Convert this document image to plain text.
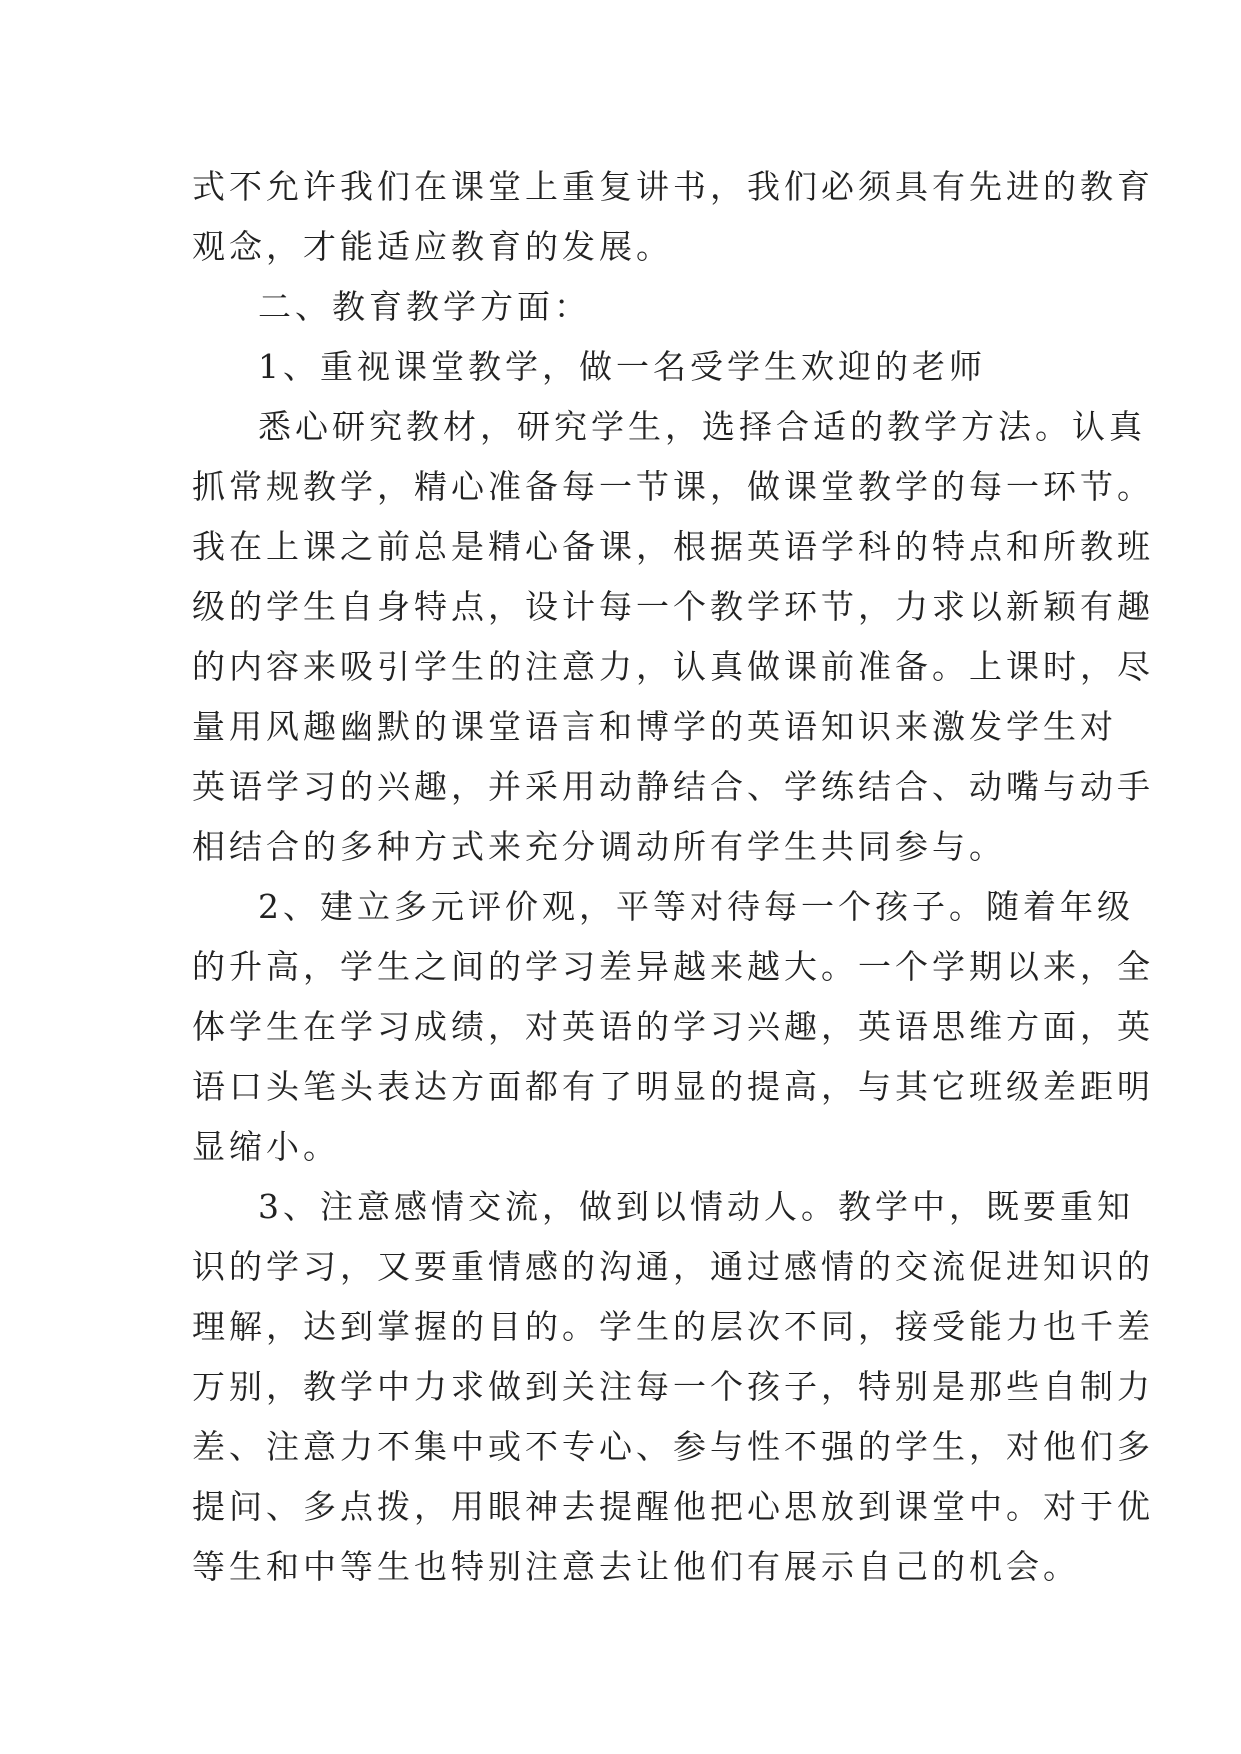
式不允许我们在课堂上重复讲书，我们必须具有先进的教育
观念，才能适应教育的发展。
二、教育教学方面：
1、重视课堂教学，做一名受学生欢迎的老师
悉心研究教材，研究学生，选择合适的教学方法。认真
抓常规教学，精心准备每一节课，做课堂教学的每一环节。
我在上课之前总是精心备课，根据英语学科的特点和所教班
级的学生自身特点，设计每一个教学环节，力求以新颖有趣
的内容来吸引学生的注意力，认真做课前准备。上课时，尽
量用风趣幽默的课堂语言和博学的英语知识来激发学生对
英语学习的兴趣，并采用动静结合、学练结合、动嘴与动手
相结合的多种方式来充分调动所有学生共同参与。
2、建立多元评价观，平等对待每一个孩子。随着年级
的升高，学生之间的学习差异越来越大。一个学期以来，全
体学生在学习成绩，对英语的学习兴趣，英语思维方面，英
语口头笔头表达方面都有了明显的提高，与其它班级差距明
显缩小。
3、注意感情交流，做到以情动人。教学中，既要重知
识的学习，又要重情感的沟通，通过感情的交流促进知识的
理解，达到掌握的目的。学生的层次不同，接受能力也千差
万别，教学中力求做到关注每一个孩子，特别是那些自制力
差、注意力不集中或不专心、参与性不强的学生，对他们多
提问、多点拨，用眼神去提醒他把心思放到课堂中。对于优
等生和中等生也特别注意去让他们有展示自己的机会。
